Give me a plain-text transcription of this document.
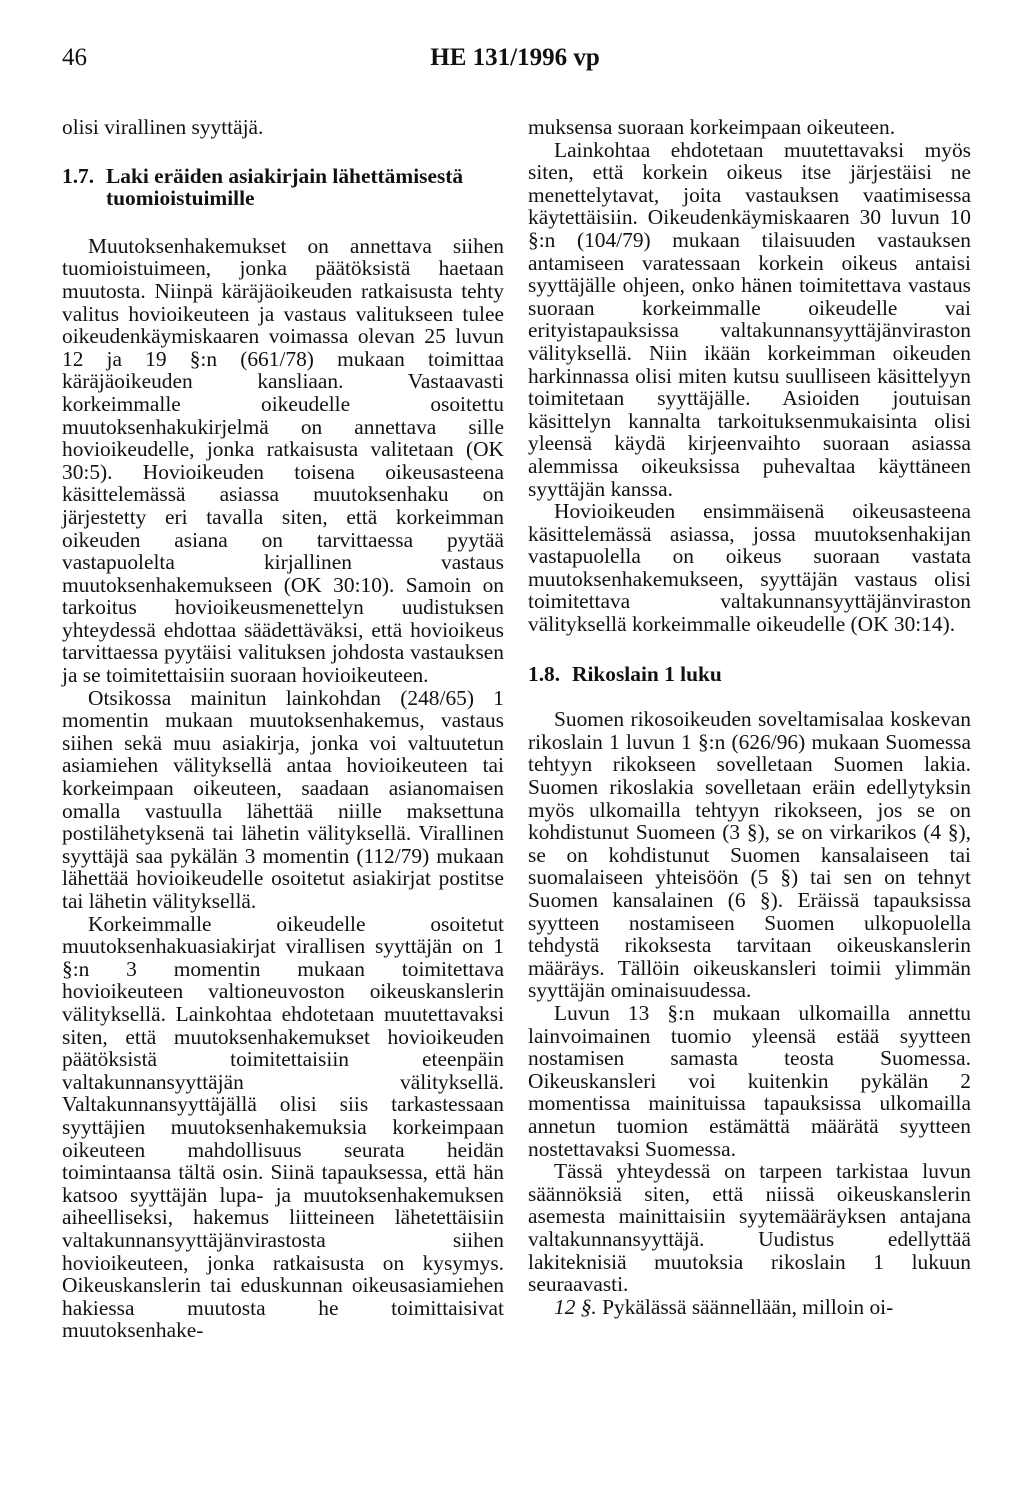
46	HE 131/1996 vp

olisi virallinen syyttäjä.

1.7. Laki eräiden asiakirjain lähettämisestä tuomioistuimille

Muutoksenhakemukset on annettava siihen tuomioistuimeen, jonka päätöksistä haetaan muutosta. Niinpä käräjäoikeuden ratkaisusta tehty valitus hovioikeuteen ja vastaus valitukseen tulee oikeudenkäymiskaaren voimassa olevan 25 luvun 12 ja 19 §:n (661/78) mukaan toimittaa käräjäoikeuden kansliaan. Vastaavasti korkeimmalle oikeudelle osoitettu muutoksenhakukirjelmä on annettava sille hovioikeudelle, jonka ratkaisusta valitetaan (OK 30:5). Hovioikeuden toisena oikeusasteena käsittelemässä asiassa muutoksenhaku on järjestetty eri tavalla siten, että korkeimman oikeuden asiana on tarvittaessa pyytää vastapuolelta kirjallinen vastaus muutoksenhakemukseen (OK 30:10). Samoin on tarkoitus hovioikeusmenettelyn uudistuksen yhteydessä ehdottaa säädettäväksi, että hovioikeus tarvittaessa pyytäisi valituksen johdosta vastauksen ja se toimitettaisiin suoraan hovioikeuteen.

Otsikossa mainitun lainkohdan (248/65) 1 momentin mukaan muutoksenhakemus, vastaus siihen sekä muu asiakirja, jonka voi valtuutetun asiamiehen välityksellä antaa hovioikeuteen tai korkeimpaan oikeuteen, saadaan asianomaisen omalla vastuulla lähettää niille maksettuna postilähetyksenä tai lähetin välityksellä. Virallinen syyttäjä saa pykälän 3 momentin (112/79) mukaan lähettää hovioikeudelle osoitetut asiakirjat postitse tai lähetin välityksellä.

Korkeimmalle oikeudelle osoitetut muutoksenhakuasiakirjat virallisen syyttäjän on 1 §:n 3 momentin mukaan toimitettava hovioikeuteen valtioneuvoston oikeuskanslerin välityksellä. Lainkohtaa ehdotetaan muutettavaksi siten, että muutoksenhakemukset hovioikeuden päätöksistä toimitettaisiin eteenpäin valtakunnansyyttäjän välityksellä. Valtakunnansyyttäjällä olisi siis tarkastessaan syyttäjien muutoksenhakemuksia korkeimpaan oikeuteen mahdollisuus seurata heidän toimintaansa tältä osin. Siinä tapauksessa, että hän katsoo syyttäjän lupa- ja muutoksenhakemuksen aiheelliseksi, hakemus liitteineen lähetettäisiin valtakunnansyyttäjänvirastosta siihen hovioikeuteen, jonka ratkaisusta on kysymys. Oikeuskanslerin tai eduskunnan oikeusasiamiehen hakiessa muutosta he toimittaisivat muutoksenhake-

muksensa suoraan korkeimpaan oikeuteen.

Lainkohtaa ehdotetaan muutettavaksi myös siten, että korkein oikeus itse järjestäisi ne menettelytavat, joita vastauksen vaatimisessa käytettäisiin. Oikeudenkäymiskaaren 30 luvun 10 §:n (104/79) mukaan tilaisuuden vastauksen antamiseen varatessaan korkein oikeus antaisi syyttäjälle ohjeen, onko hänen toimitettava vastaus suoraan korkeimmalle oikeudelle vai erityistapauksissa valtakunnansyyttäjänviraston välityksellä. Niin ikään korkeimman oikeuden harkinnassa olisi miten kutsu suulliseen käsittelyyn toimitetaan syyttäjälle. Asioiden joutuisan käsittelyn kannalta tarkoituksenmukaisinta olisi yleensä käydä kirjeenvaihto suoraan asiassa alemmissa oikeuksissa puhevaltaa käyttäneen syyttäjän kanssa.

Hovioikeuden ensimmäisenä oikeusasteena käsittelemässä asiassa, jossa muutoksenhakijan vastapuolella on oikeus suoraan vastata muutoksenhakemukseen, syyttäjän vastaus olisi toimitettava valtakunnansyyttäjänviraston välityksellä korkeimmalle oikeudelle (OK 30:14).

1.8. Rikoslain 1 luku

Suomen rikosoikeuden soveltamisalaa koskevan rikoslain 1 luvun 1 §:n (626/96) mukaan Suomessa tehtyyn rikokseen sovelletaan Suomen lakia. Suomen rikoslakia sovelletaan eräin edellytyksin myös ulkomailla tehtyyn rikokseen, jos se on kohdistunut Suomeen (3 §), se on virkarikos (4 §), se on kohdistunut Suomen kansalaiseen tai suomalaiseen yhteisöön (5 §) tai sen on tehnyt Suomen kansalainen (6 §). Eräissä tapauksissa syytteen nostamiseen Suomen ulkopuolella tehdystä rikoksesta tarvitaan oikeuskanslerin määräys. Tällöin oikeuskansleri toimii ylimmän syyttäjän ominaisuudessa.

Luvun 13 §:n mukaan ulkomailla annettu lainvoimainen tuomio yleensä estää syytteen nostamisen samasta teosta Suomessa. Oikeuskansleri voi kuitenkin pykälän 2 momentissa mainituissa tapauksissa ulkomailla annetun tuomion estämättä määrätä syytteen nostettavaksi Suomessa.

Tässä yhteydessä on tarpeen tarkistaa luvun säännöksiä siten, että niissä oikeuskanslerin asemesta mainittaisiin syytemääräyksen antajana valtakunnansyyttäjä. Uudistus edellyttää lakiteknisiä muutoksia rikoslain 1 lukuun seuraavasti.

12 §. Pykälässä säännellään, milloin oi-
